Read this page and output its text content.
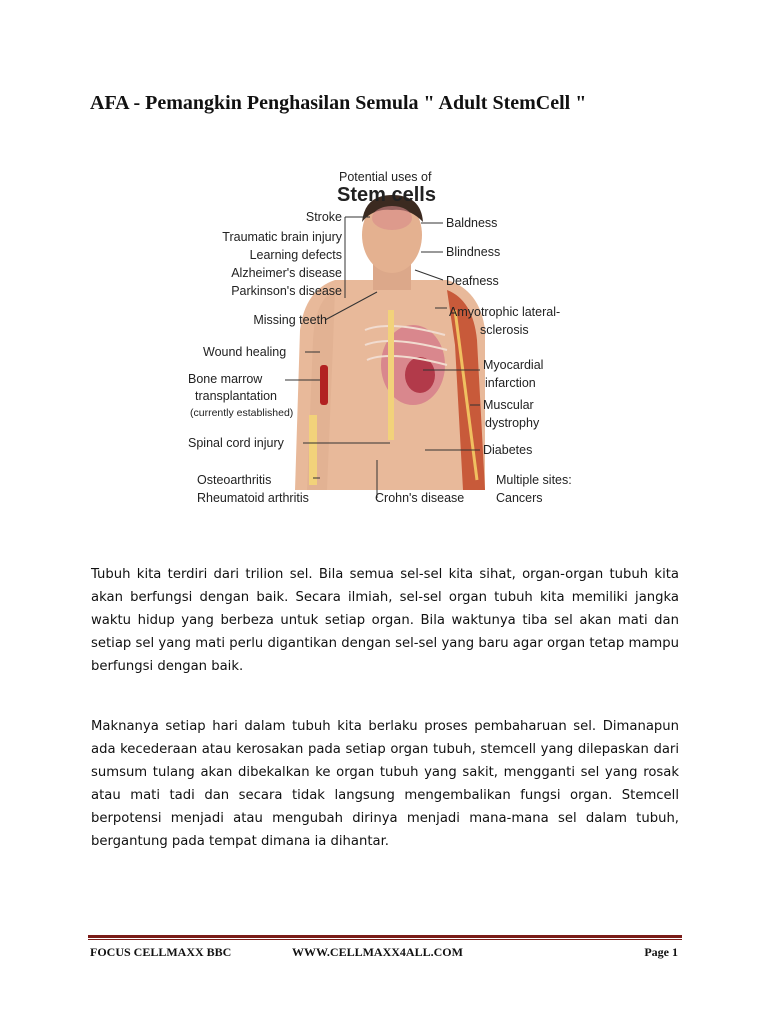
AFA - Pemangkin Penghasilan Semula " Adult StemCell "
Potential uses of
Stem cells
Stroke
Traumatic brain injury
Learning defects
Alzheimer's disease
Parkinson's disease
Missing teeth
Wound healing
Bone marrow
transplantation
(currently established)
Spinal cord injury
Osteoarthritis
Rheumatoid arthritis
Baldness
Blindness
Deafness
Amyotrophic lateral-
sclerosis
Myocardial
infarction
Muscular
dystrophy
Diabetes
Multiple sites:
Cancers
Crohn's disease

Tubuh kita terdiri dari trilion sel. Bila semua sel-sel kita sihat, organ-organ tubuh kita akan berfungsi dengan baik. Secara ilmiah, sel-sel organ tubuh kita memiliki jangka waktu hidup yang berbeza untuk setiap organ. Bila waktunya tiba sel akan mati dan setiap sel yang mati perlu digantikan dengan sel-sel yang baru agar organ tetap mampu berfungsi dengan baik.

Maknanya setiap hari dalam tubuh kita berlaku proses pembaharuan sel. Dimanapun ada kecederaan atau kerosakan pada setiap organ tubuh, stemcell yang dilepaskan dari sumsum tulang akan dibekalkan ke organ tubuh yang sakit, mengganti sel yang rosak atau mati tadi dan secara tidak langsung mengembalikan fungsi organ. Stemcell berpotensi menjadi atau mengubah dirinya menjadi mana-mana sel dalam tubuh, bergantung pada tempat dimana ia dihantar.

FOCUS CELLMAXX BBC	WWW.CELLMAXX4ALL.COM	Page 1
